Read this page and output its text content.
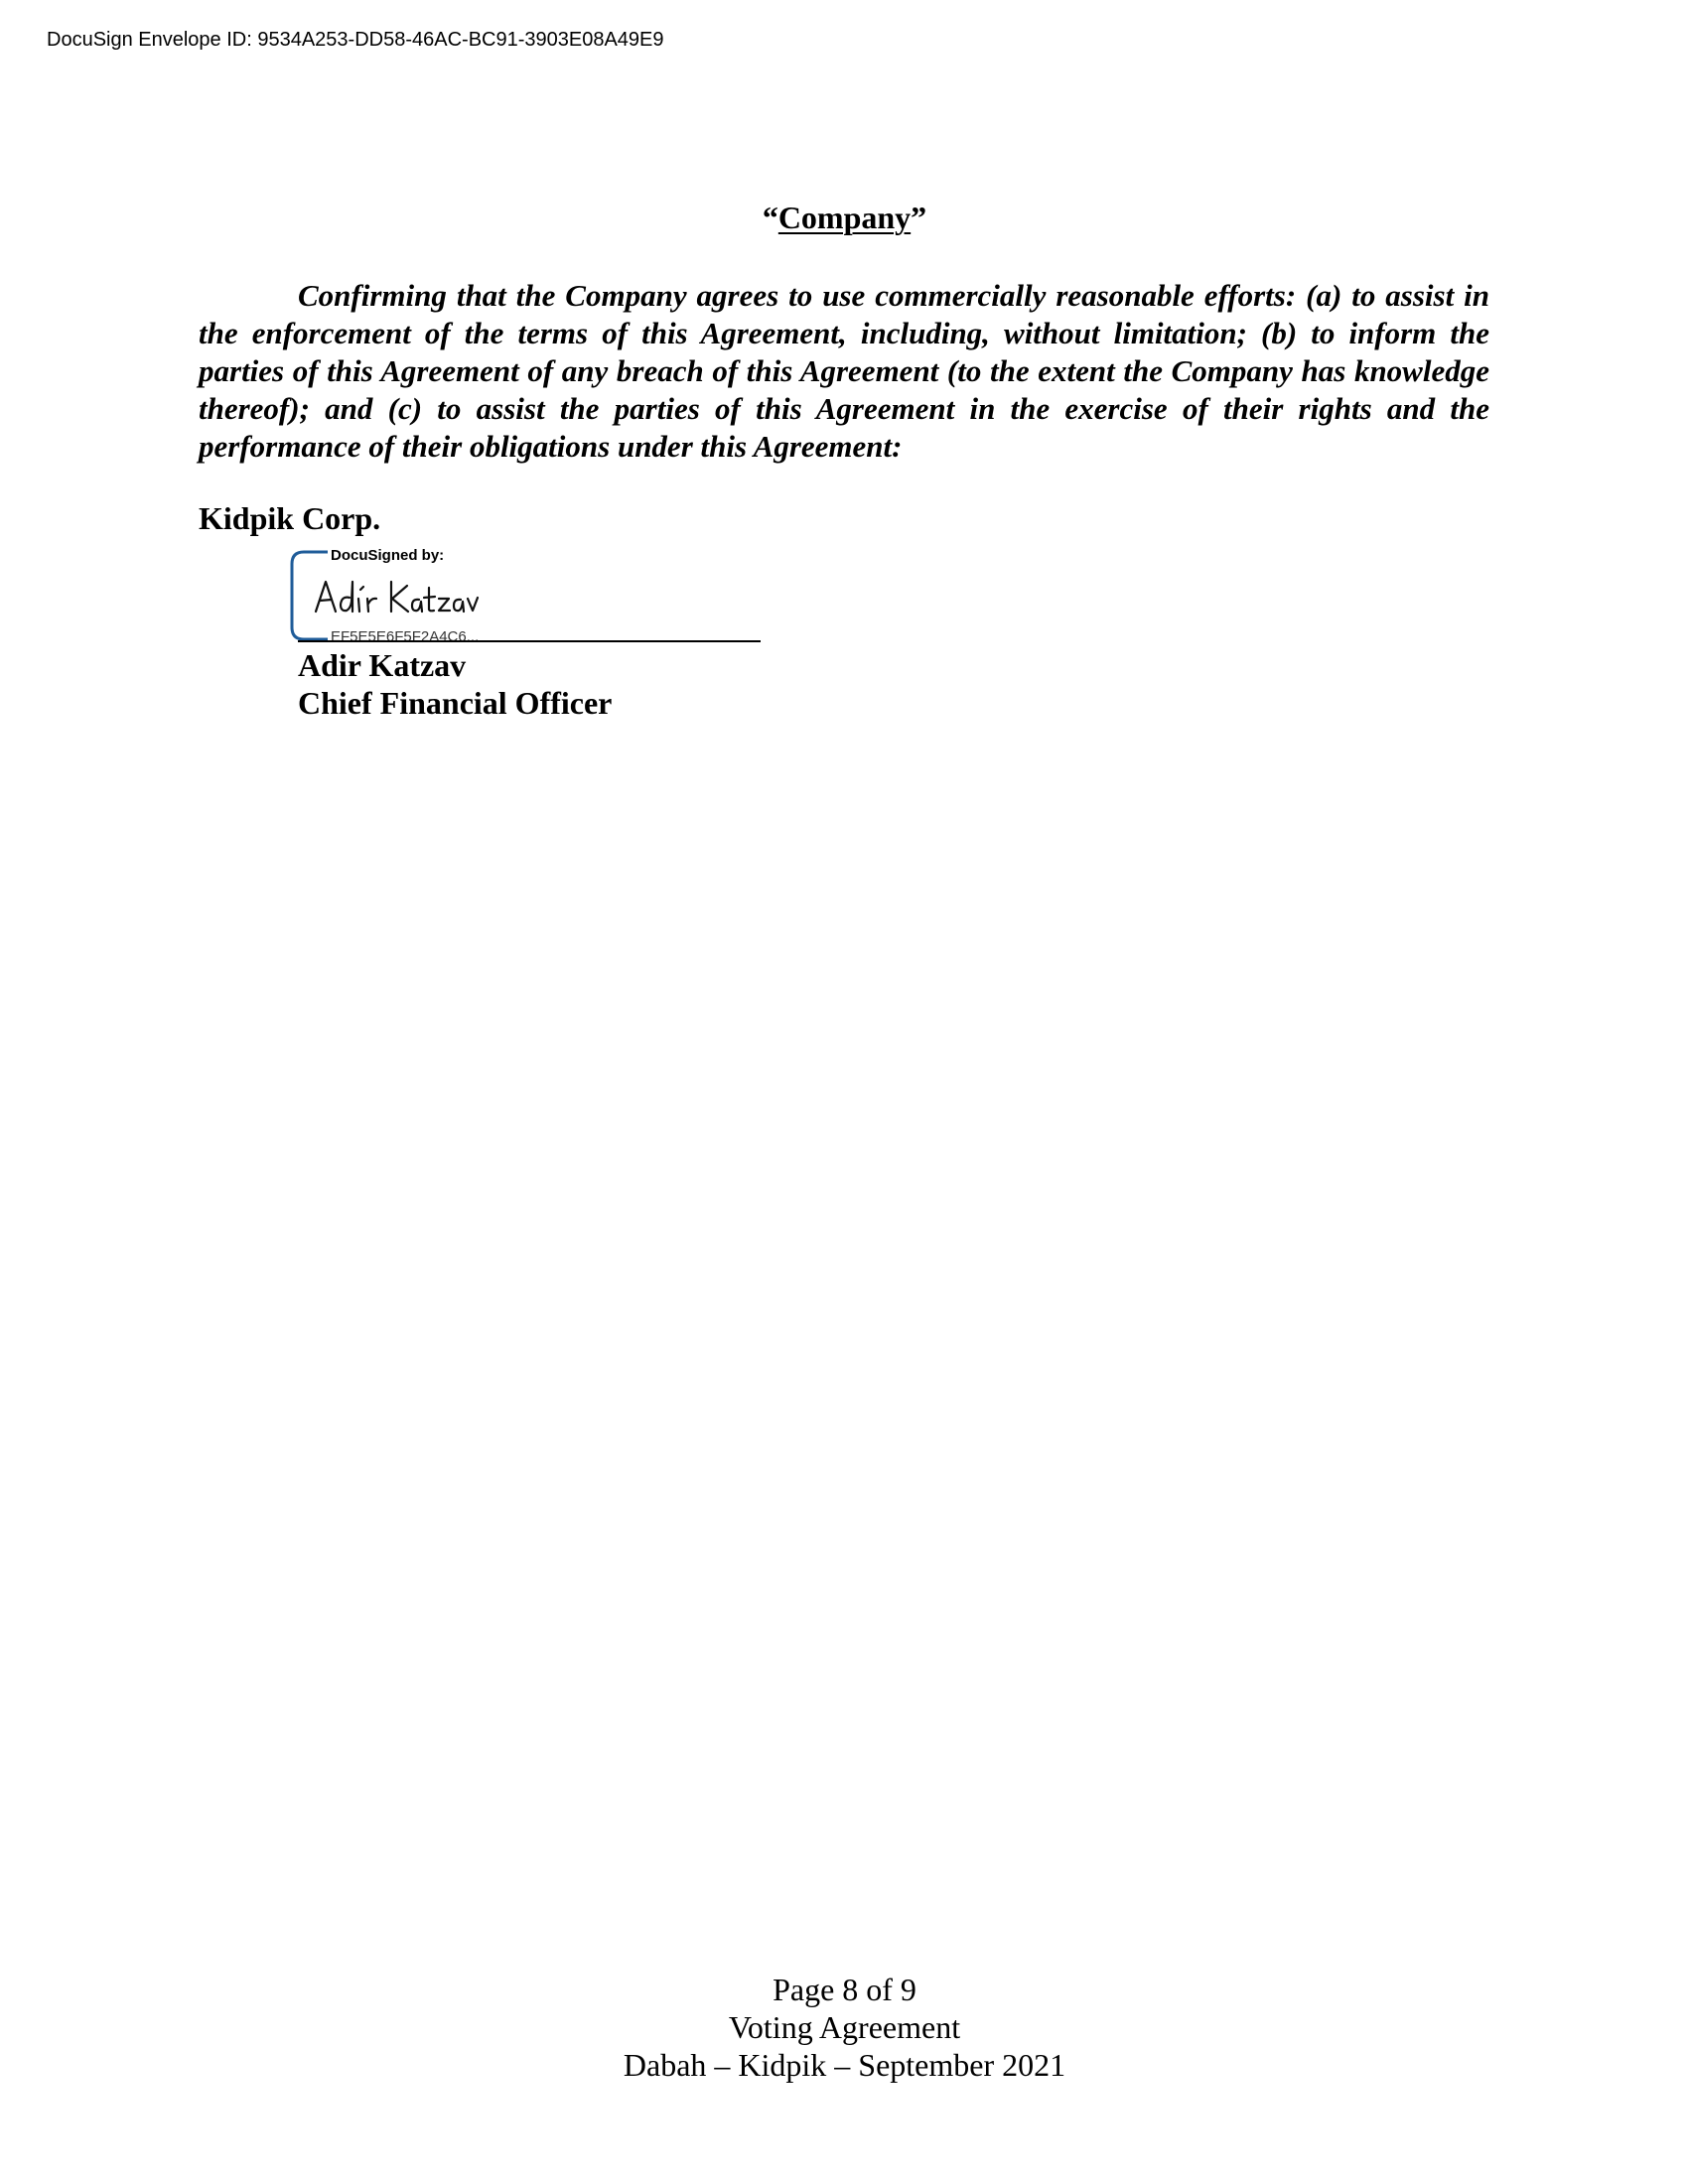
DocuSign Envelope ID: 9534A253-DD58-46AC-BC91-3903E08A49E9
“Company”
Confirming that the Company agrees to use commercially reasonable efforts: (a) to assist in the enforcement of the terms of this Agreement, including, without limitation; (b) to inform the parties of this Agreement of any breach of this Agreement (to the extent the Company has knowledge thereof); and (c) to assist the parties of this Agreement in the exercise of their rights and the performance of their obligations under this Agreement:
Kidpik Corp.
DocuSigned by:
EF5E5E6F5F2A4C6...
Adir Katzav
Chief Financial Officer
Page 8 of 9
Voting Agreement
Dabah – Kidpik – September 2021
